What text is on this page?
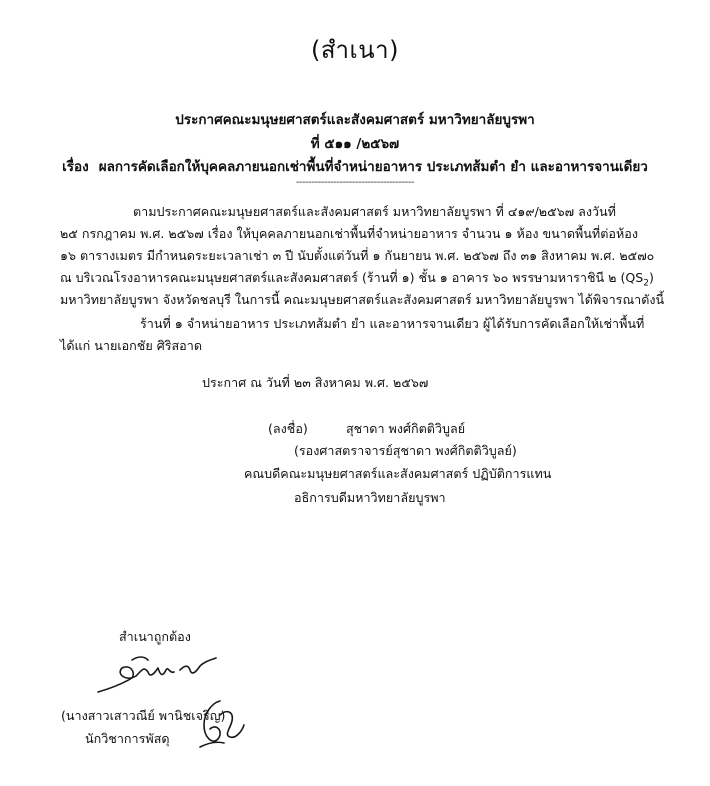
(สำเนา)
ประกาศคณะมนุษยศาสตร์และสังคมศาสตร์ มหาวิทยาลัยบูรพา
ที่ ๕๑๑ /๒๕๖๗
เรื่อง ผลการคัดเลือกให้บุคคลภายนอกเช่าพื้นที่จำหน่ายอาหาร ประเภทส้มตำ ยำ และอาหารจานเดียว
--------------------------------------
ตามประกาศคณะมนุษยศาสตร์และสังคมศาสตร์ มหาวิทยาลัยบูรพา ที่ ๔๑๙/๒๕๖๗ ลงวันที่
๒๕ กรกฎาคม พ.ศ. ๒๕๖๗ เรื่อง ให้บุคคลภายนอกเช่าพื้นที่จำหน่ายอาหาร จำนวน ๑ ห้อง ขนาดพื้นที่ต่อห้อง
๑๖ ตารางเมตร มีกำหนดระยะเวลาเช่า ๓ ปี นับตั้งแต่วันที่ ๑ กันยายน พ.ศ. ๒๕๖๗ ถึง ๓๑ สิงหาคม พ.ศ. ๒๕๗๐
ณ บริเวณโรงอาหารคณะมนุษยศาสตร์และสังคมศาสตร์ (ร้านที่ ๑) ชั้น ๑ อาคาร ๖๐ พรรษามหาราชินี ๒ $(QS_2)$
มหาวิทยาลัยบูรพา จังหวัดชลบุรี ในการนี้ คณะมนุษยศาสตร์และสังคมศาสตร์ มหาวิทยาลัยบูรพา ได้พิจารณาดังนี้
ร้านที่ ๑ จำหน่ายอาหาร ประเภทส้มตำ ยำ และอาหารจานเดียว ผู้ได้รับการคัดเลือกให้เช่าพื้นที่
ได้แก่ นายเอกชัย ศิริสอาด
ประกาศ ณ วันที่ ๒๓ สิงหาคม พ.ศ. ๒๕๖๗
(ลงชื่อ)	สุชาดา พงศ์กิตติวิบูลย์
(รองศาสตราจารย์สุชาดา พงศ์กิตติวิบูลย์)
คณบดีคณะมนุษยศาสตร์และสังคมศาสตร์ ปฏิบัติการแทน
อธิการบดีมหาวิทยาลัยบูรพา
สำเนาถูกต้อง
(นางสาวเสาวณีย์ พานิชเจริญ)
นักวิชาการพัสดุ
